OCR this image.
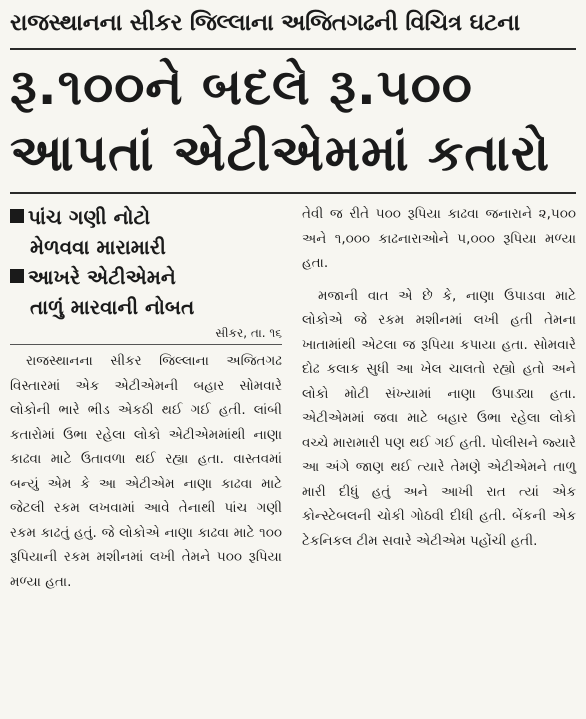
રાજસ્થાનના સીકર જિલ્લાના અજિતગઢની વિચિત્ર ઘટના
રૂ.૧૦૦ને બદલે રૂ.૫૦૦
આપતાં એટીએમમાં કતારો
પાંચ ગણી નોટો
મેળવવા મારામારી
આખરે એટીએમને
તાળું મારવાની નોબત
સીકર, તા. ૧૬

રાજસ્થાનના સીકર જિલ્લાના અજિતગઢ વિસ્તારમાં એક એટીએમની બહાર સોમવારે લોકોની ભારે ભીડ એકઠી થઈ ગઈ હતી. લાંબી કતારોમાં ઉભા રહેલા લોકો એટીએમમાંથી નાણા કાઢવા માટે ઉતાવળા થઈ રહ્યા હતા. વાસ્તવમાં બન્યું એમ કે આ એટીએમ નાણા કાઢવા માટે જેટલી રકમ લખવામાં આવે તેનાથી પાંચ ગણી રકમ કાઢતું હતું. જે લોકોએ નાણા કાઢવા માટે ૧૦૦ રૂપિયાની રકમ મશીનમાં લખી તેમને ૫૦૦ રૂપિયા મળ્યા હતા.

તેવી જ રીતે ૫૦૦ રૂપિયા કાઢવા જનારાને ૨,૫૦૦ અને ૧,૦૦૦ કાઢનારાઓને ૫,૦૦૦ રૂપિયા મળ્યા હતા.

મજાની વાત એ છે કે, નાણા ઉપાડવા માટે લોકોએ જે રકમ મશીનમાં લખી હતી તેમના ખાતામાંથી એટલા જ રૂપિયા કપાયા હતા. સોમવારે દોઢ કલાક સુધી આ ખેલ ચાલતો રહ્યો હતો અને લોકો મોટી સંખ્યામાં નાણા ઉપાડ્યા હતા. એટીએમમાં જવા માટે બહાર ઉભા રહેલા લોકો વચ્ચે મારામારી પણ થઈ ગઈ હતી. પોલીસને જ્યારે આ અંગે જાણ થઈ ત્યારે તેમણે એટીએમને તાળુ મારી દીધું હતું અને આખી રાત ત્યાં એક કોન્સ્ટેબલની ચોકી ગોઠવી દીધી હતી. બેંકની એક ટેકનિકલ ટીમ સવારે એટીએમ પહોંચી હતી.
